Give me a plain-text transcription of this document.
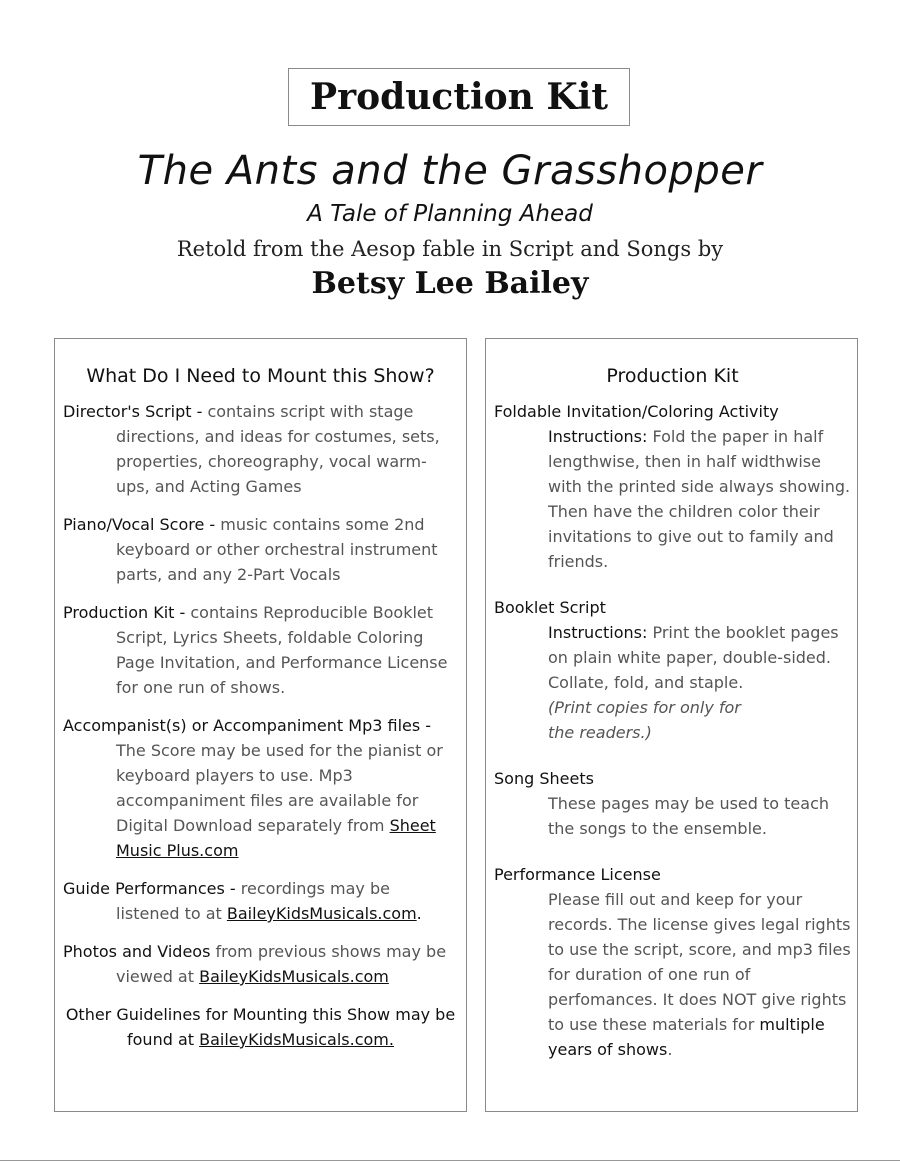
Production Kit
The Ants and the Grasshopper
A Tale of Planning Ahead
Retold from the Aesop fable in Script and Songs by
Betsy Lee Bailey
What Do I Need to Mount this Show?
Director's Script - contains script with stage directions, and ideas for costumes, sets, properties, choreography, vocal warm-ups, and Acting Games
Piano/Vocal Score - music contains some 2nd keyboard or other orchestral instrument parts, and any 2-Part Vocals
Production Kit - contains Reproducible Booklet Script, Lyrics Sheets, foldable Coloring Page Invitation, and Performance License for one run of shows.
Accompanist(s) or Accompaniment Mp3 files - The Score may be used for the pianist or keyboard players to use. Mp3 accompaniment files are available for Digital Download separately from Sheet Music Plus.com
Guide Performances - recordings may be listened to at BaileyKidsMusicals.com.
Photos and Videos from previous shows may be viewed at BaileyKidsMusicals.com
Other Guidelines for Mounting this Show may be found at BaileyKidsMusicals.com.
Production Kit
Foldable Invitation/Coloring Activity
Instructions: Fold the paper in half lengthwise, then in half widthwise with the printed side always showing. Then have the children color their invitations to give out to family and friends.
Booklet Script
Instructions: Print the booklet pages on plain white paper, double-sided. Collate, fold, and staple.
(Print copies for only for
the readers.)
Song Sheets
These pages may be used to teach the songs to the ensemble.
Performance License
Please fill out and keep for your records. The license gives legal rights to use the script, score, and mp3 files for duration of one run of perfomances. It does NOT give rights to use these materials for multiple years of shows.
